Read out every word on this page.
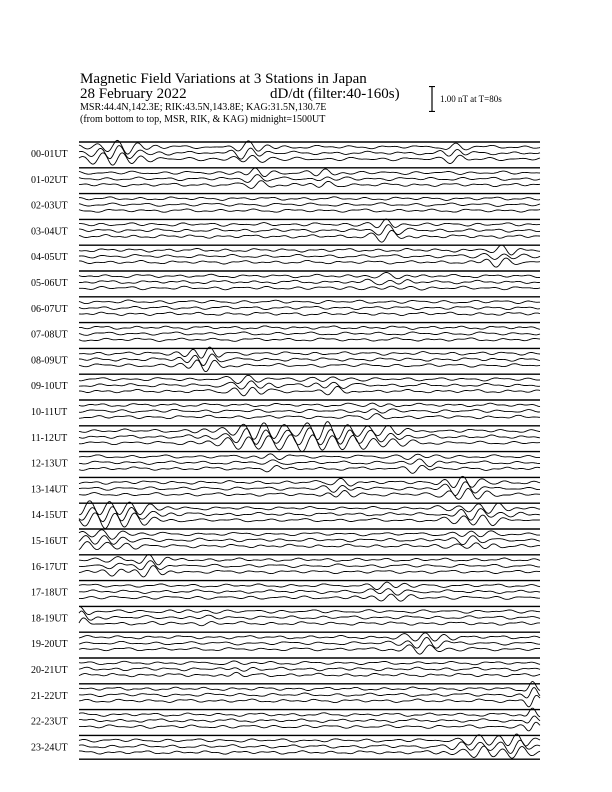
Magnetic Field Variations at 3 Stations in Japan
28 February 2022	dD/dt (filter:40-160s)
MSR:44.4N,142.3E; RIK:43.5N,143.8E; KAG:31.5N,130.7E
(from bottom to top, MSR, RIK, & KAG) midnight=1500UT
1.00 nT at T=80s
00-01UT
01-02UT
02-03UT
03-04UT
04-05UT
05-06UT
06-07UT
07-08UT
08-09UT
09-10UT
10-11UT
11-12UT
12-13UT
13-14UT
14-15UT
15-16UT
16-17UT
17-18UT
18-19UT
19-20UT
20-21UT
21-22UT
22-23UT
23-24UT
